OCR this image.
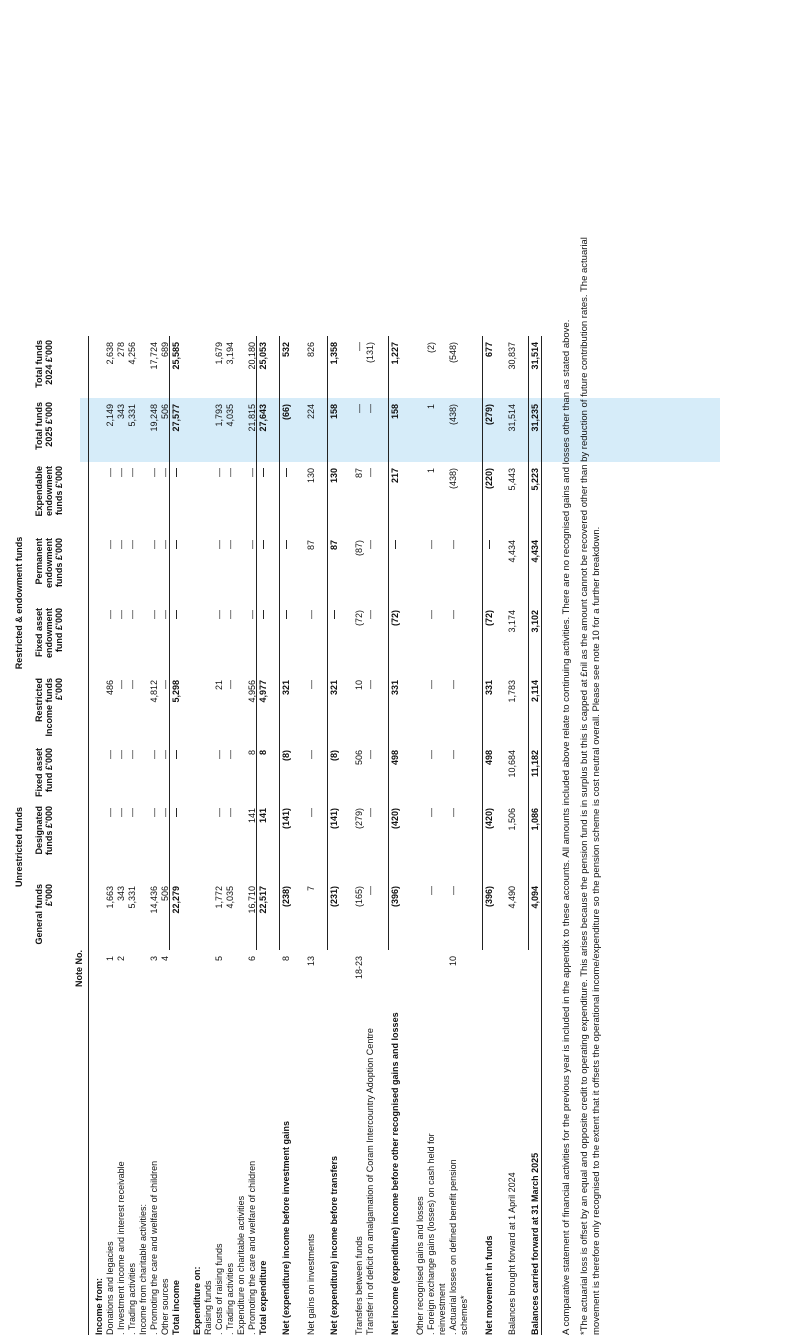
Unrestricted funds
Restricted & endowment funds
Note No.
General funds £'000
Designated funds £'000
Fixed asset fund £'000
Restricted Income funds £'000
Fixed asset endowment fund £'000
Permanent endowment funds £'000
Expendable endowment funds £'000
Total funds 2025 £'000
Total funds 2024 £'000
Income from: Donations and legacies
1
1,663
—
—
486
—
—
—
2,149
2,638
. Investment income and interest receivable
2
343
—
—
—
—
—
—
343
278
. Trading activities
5,331
—
—
—
—
—
—
5,331
4,256
Income from charitable activities: . Promoting the care and welfare of children
3
14,436
—
—
4,812
—
—
—
19,248
17,724
Other sources
4
506
—
—
—
—
—
—
506
689
Total income
22,279
—
—
5,298
—
—
—
27,577
25,585
Expenditure on: Raising funds . Costs of raising funds
5
1,772
—
—
21
—
—
—
1,793
1,679
. Trading activities
4,035
—
—
—
—
—
—
4,035
3,194
Expenditure on charitable activities . Promoting the care and welfare of children
6
16,710
141
8
4,956
—
—
—
21,815
20,180
Total expenditure
22,517
141
8
4,977
—
—
—
27,643
25,053
Net (expenditure) income before investment gains
8
(238)
(141)
(8)
321
—
—
—
(66)
532
Net gains on investments
13
7
—
—
—
—
87
130
224
826
Net (expenditure) income before transfers
(231)
(141)
(8)
321
—
87
130
158
1,358
Transfers between funds
18-23
(165)
(279)
506
10
(72)
(87)
87
—
—
Transfer in of deficit on amalgamation of Coram Intercountry Adoption Centre
—
—
—
—
—
—
—
—
(131)
Net income (expenditure) income before other recognised gains and losses
(396)
(420)
498
331
(72)
—
217
158
1,227
Other recognised gains and losses . Foreign exchange gains (losses) on cash held for
—
—
—
—
—
—
1
1
(2)
reinvestment . Actuarial losses on defined benefit pension
10
—
—
—
—
—
—
(438)
(438)
(548)
schemes* Net movement in funds
(396)
(420)
498
331
(72)
—
(220)
(279)
677
Balances brought forward at 1 April 2024
4,490
1,506
10,684
1,783
3,174
4,434
5,443
31,514
30,837
Balances carried forward at 31 March 2025
4,094
1,086
11,182
2,114
3,102
4,434
5,223
31,235
31,514 A comparative statement of financial activities for the previous year is included in the appendix to these accounts. All amounts included above relate to continuing activities. There are no recognised gains and losses other than as stated above. *The actuarial loss is offset by an equal and opposite credit to operating expenditure. This arises because the pension fund is in surplus but this is capped at £nil as the amount cannot be recovered other than by reduction of future contribution rates. The actuarial movement is therefore only recognised to the extent that it offsets the operational income/expenditure so the pension scheme is cost neutral overall. Please see note 10 for a further breakdown.
